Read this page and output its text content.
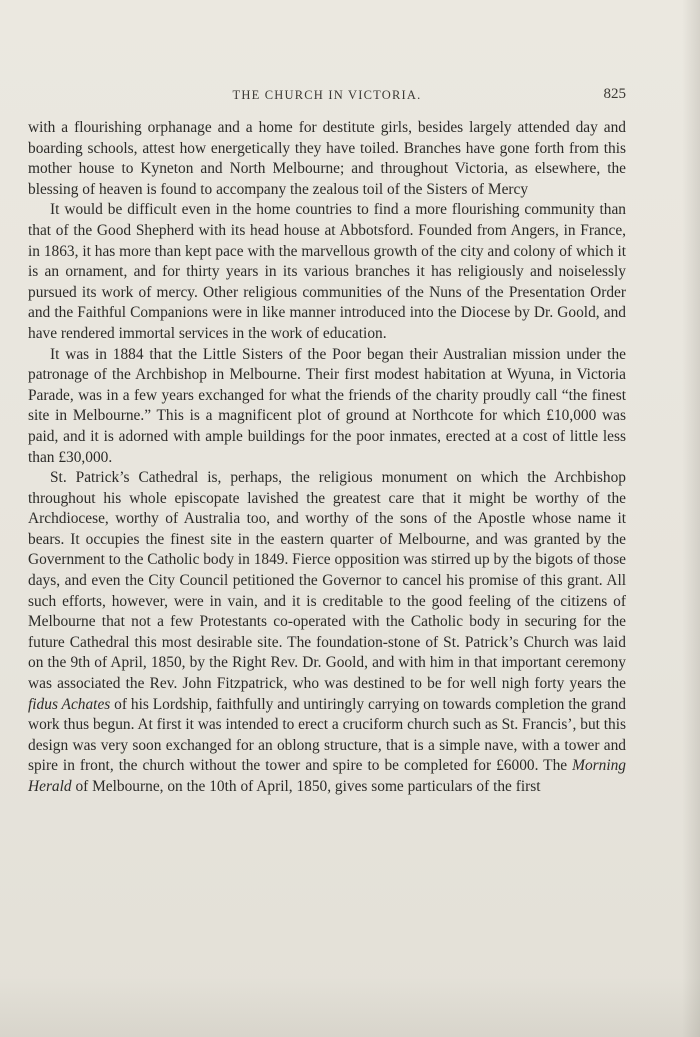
THE CHURCH IN VICTORIA.	825

with a flourishing orphanage and a home for destitute girls, besides largely attended day and boarding schools, attest how energetically they have toiled. Branches have gone forth from this mother house to Kyneton and North Melbourne; and throughout Victoria, as elsewhere, the blessing of heaven is found to accompany the zealous toil of the Sisters of Mercy

It would be difficult even in the home countries to find a more flourishing community than that of the Good Shepherd with its head house at Abbotsford. Founded from Angers, in France, in 1863, it has more than kept pace with the marvellous growth of the city and colony of which it is an ornament, and for thirty years in its various branches it has religiously and noiselessly pursued its work of mercy. Other religious communities of the Nuns of the Presentation Order and the Faithful Companions were in like manner introduced into the Diocese by Dr. Goold, and have rendered immortal services in the work of education.

It was in 1884 that the Little Sisters of the Poor began their Australian mission under the patronage of the Archbishop in Melbourne. Their first modest habitation at Wyuna, in Victoria Parade, was in a few years exchanged for what the friends of the charity proudly call “the finest site in Melbourne.” This is a magnificent plot of ground at Northcote for which £10,000 was paid, and it is adorned with ample buildings for the poor inmates, erected at a cost of little less than £30,000.

St. Patrick’s Cathedral is, perhaps, the religious monument on which the Archbishop throughout his whole episcopate lavished the greatest care that it might be worthy of the Archdiocese, worthy of Australia too, and worthy of the sons of the Apostle whose name it bears. It occupies the finest site in the eastern quarter of Melbourne, and was granted by the Government to the Catholic body in 1849. Fierce opposition was stirred up by the bigots of those days, and even the City Council petitioned the Governor to cancel his promise of this grant. All such efforts, however, were in vain, and it is creditable to the good feeling of the citizens of Melbourne that not a few Protestants co-operated with the Catholic body in securing for the future Cathedral this most desirable site. The foundation-stone of St. Patrick’s Church was laid on the 9th of April, 1850, by the Right Rev. Dr. Goold, and with him in that important ceremony was associated the Rev. John Fitzpatrick, who was destined to be for well nigh forty years the fidus Achates of his Lordship, faithfully and untiringly carrying on towards completion the grand work thus begun. At first it was intended to erect a cruciform church such as St. Francis’, but this design was very soon exchanged for an oblong structure, that is a simple nave, with a tower and spire in front, the church without the tower and spire to be completed for £6000. The Morning Herald of Melbourne, on the 10th of April, 1850, gives some particulars of the first
